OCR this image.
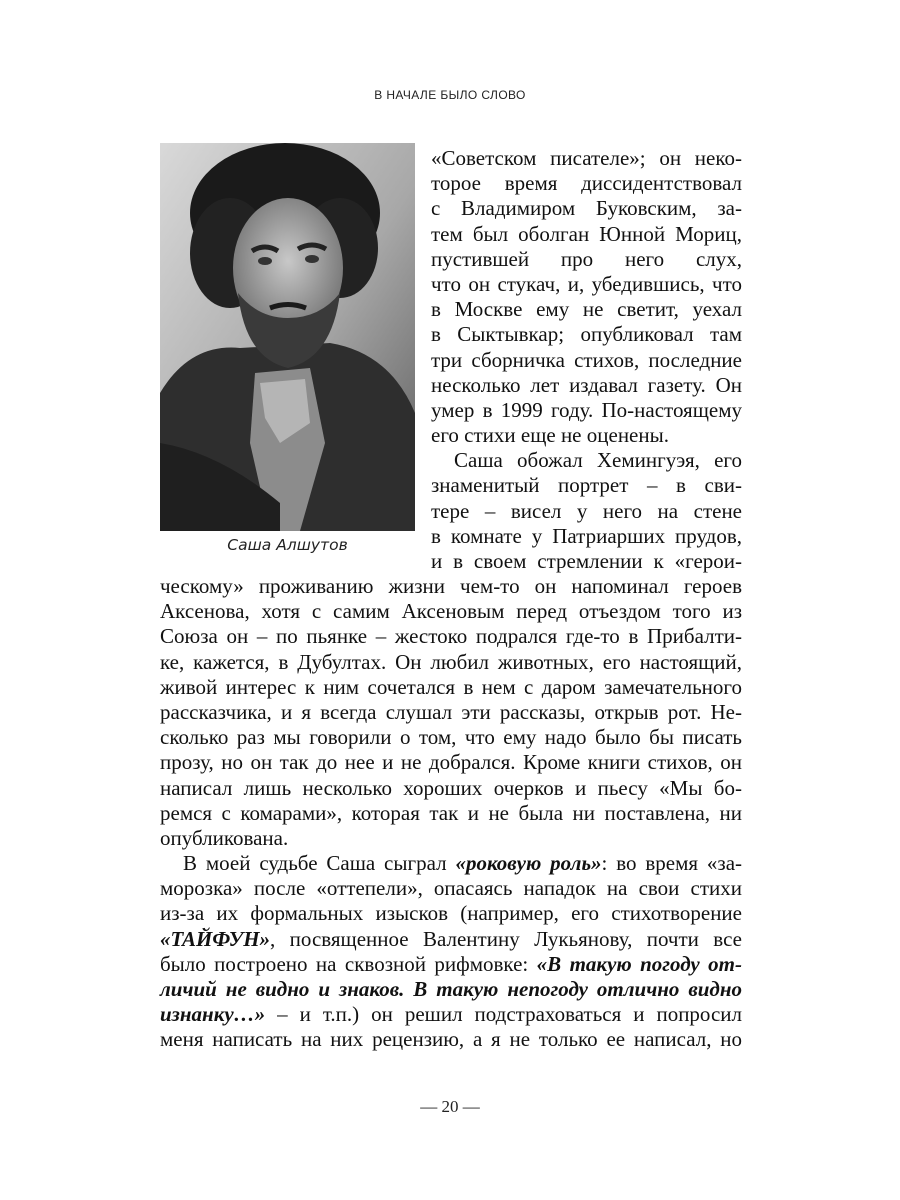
В НАЧАЛЕ БЫЛО СЛОВО
Саша Алшутов
«Советском писателе»; он неко-
торое время диссидентствовал
с Владимиром Буковским, за-
тем был оболган Юнной Мориц,
пустившей про него слух,
что он стукач, и, убедившись, что
в Москве ему не светит, уехал
в Сыктывкар; опубликовал там
три сборничка стихов, последние
несколько лет издавал газету. Он
умер в 1999 году. По-настоящему
его стихи еще не оценены.
Саша обожал Хемингуэя, его
знаменитый портрет – в сви-
тере – висел у него на стене
в комнате у Патриарших прудов,
и в своем стремлении к «герои-
ческому» проживанию жизни чем-то он напоминал героев
Аксенова, хотя с самим Аксеновым перед отъездом того из
Союза он – по пьянке – жестоко подрался где-то в Прибалти-
ке, кажется, в Дубултах. Он любил животных, его настоящий,
живой интерес к ним сочетался в нем с даром замечательного
рассказчика, и я всегда слушал эти рассказы, открыв рот. Не-
сколько раз мы говорили о том, что ему надо было бы писать
прозу, но он так до нее и не добрался. Кроме книги стихов, он
написал лишь несколько хороших очерков и пьесу «Мы бо-
ремся с комарами», которая так и не была ни поставлена, ни
опубликована.
В моей судьбе Саша сыграл «роковую роль»: во время «за-
морозка» после «оттепели», опасаясь нападок на свои стихи
из-за их формальных изысков (например, его стихотворение
«ТАЙФУН», посвященное Валентину Лукьянову, почти все
было построено на сквозной рифмовке: «В такую погоду от-
личий не видно и знаков. В такую непогоду отлично видно
изнанку…» – и т.п.) он решил подстраховаться и попросил
меня написать на них рецензию, а я не только ее написал, но
— 20 —
